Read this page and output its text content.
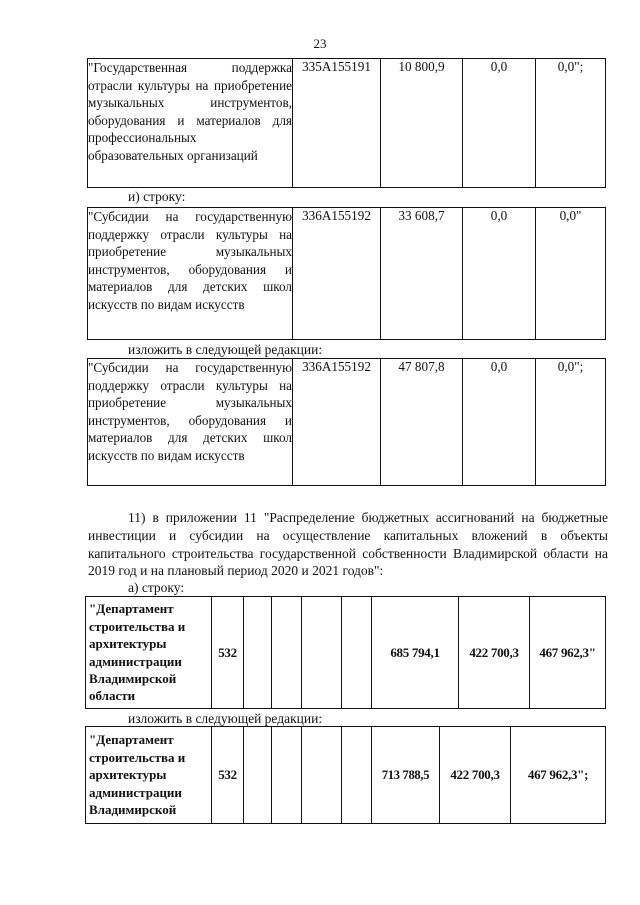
23
"Государственная поддержка отрасли культуры на приобретение музыкальных инструментов, оборудования и материалов для профессиональных образовательных организаций	335A155191	10 800,9	0,0	0,0";
и) строку:
"Субсидии на государственную поддержку отрасли культуры на приобретение музыкальных инструментов, оборудования и материалов для детских школ искусств по видам искусств	336A155192	33 608,7	0,0	0,0"
изложить в следующей редакции:
"Субсидии на государственную поддержку отрасли культуры на приобретение музыкальных инструментов, оборудования и материалов для детских школ искусств по видам искусств	336A155192	47 807,8	0,0	0,0";
11) в приложении 11 "Распределение бюджетных ассигнований на бюджетные инвестиции и субсидии на осуществление капитальных вложений в объекты капитального строительства государственной собственности Владимирской области на 2019 год и на плановый период 2020 и 2021 годов":
а) строку:
"Департамент строительства и архитектуры администрации Владимирской области	532					685 794,1	422 700,3	467 962,3"
изложить в следующей редакции:
"Департамент строительства и архитектуры администрации Владимирской	532					713 788,5	422 700,3	467 962,3";
